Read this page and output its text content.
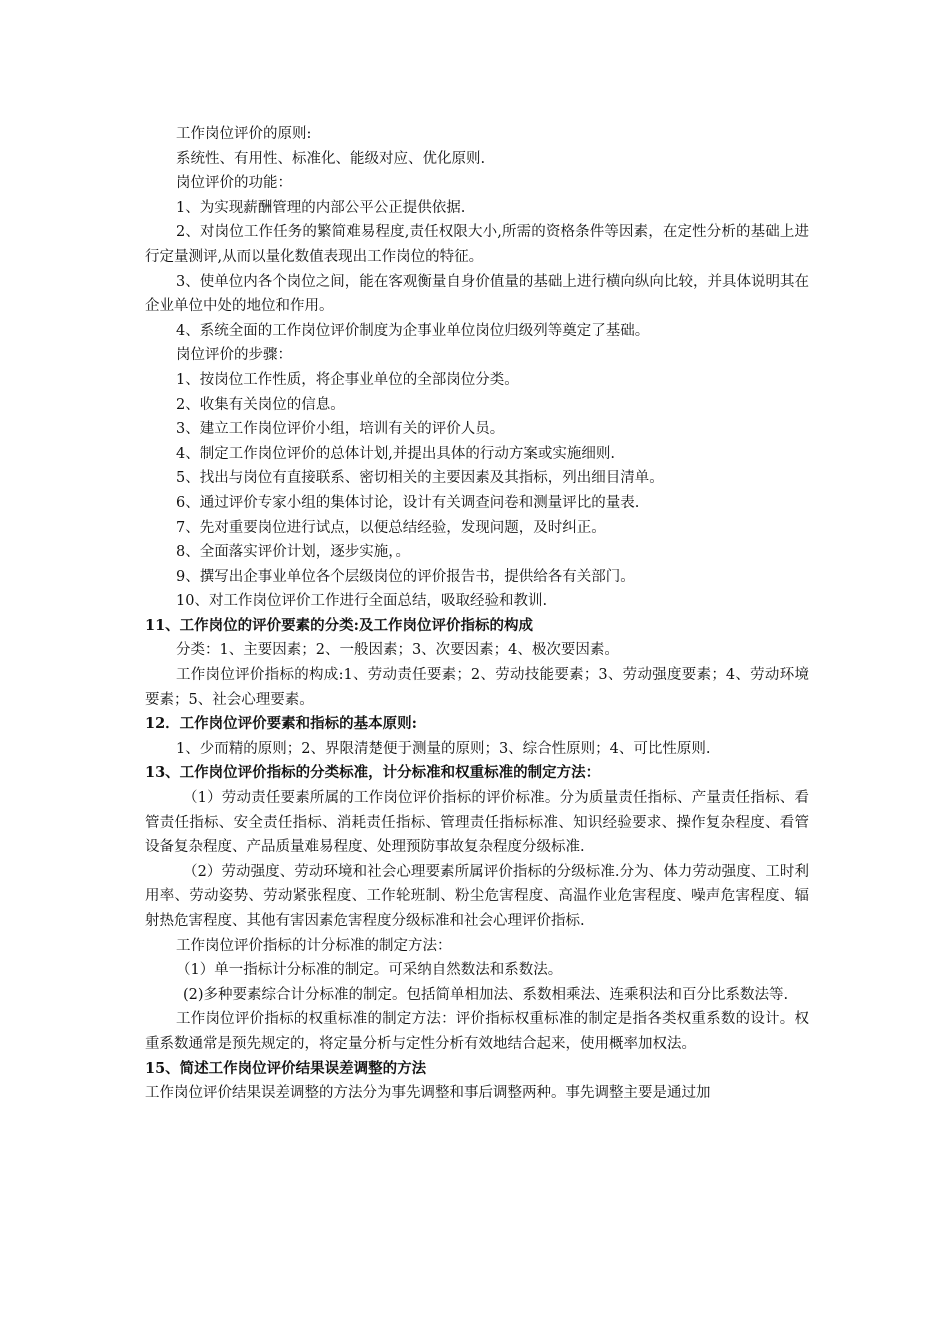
工作岗位评价的原则:

系统性、有用性、标准化、能级对应、优化原则.

岗位评价的功能：

1、为实现薪酬管理的内部公平公正提供依据.

2、对岗位工作任务的繁简难易程度,责任权限大小,所需的资格条件等因素，在定性分析的基础上进行定量测评,从而以量化数值表现出工作岗位的特征。

3、使单位内各个岗位之间，能在客观衡量自身价值量的基础上进行横向纵向比较，并具体说明其在企业单位中处的地位和作用。

4、系统全面的工作岗位评价制度为企事业单位岗位归级列等奠定了基础。

岗位评价的步骤：

1、按岗位工作性质，将企事业单位的全部岗位分类。

2、收集有关岗位的信息。

3、建立工作岗位评价小组，培训有关的评价人员。

4、制定工作岗位评价的总体计划,并提出具体的行动方案或实施细则.

5、找出与岗位有直接联系、密切相关的主要因素及其指标，列出细目清单。

6、通过评价专家小组的集体讨论，设计有关调查问卷和测量评比的量表.

7、先对重要岗位进行试点，以便总结经验，发现问题，及时纠正。

8、全面落实评价计划，逐步实施，。

9、撰写出企事业单位各个层级岗位的评价报告书，提供给各有关部门。

10、对工作岗位评价工作进行全面总结，吸取经验和教训.

11、工作岗位的评价要素的分类:及工作岗位评价指标的构成

分类：1、主要因素；2、一般因素；3、次要因素；4、极次要因素。

工作岗位评价指标的构成:1、劳动责任要素；2、劳动技能要素；3、劳动强度要素；4、劳动环境要素；5、社会心理要素。

12．工作岗位评价要素和指标的基本原则:

1、少而精的原则；2、界限清楚便于测量的原则；3、综合性原则；4、可比性原则.

13、工作岗位评价指标的分类标准，计分标准和权重标准的制定方法：

（1）劳动责任要素所属的工作岗位评价指标的评价标准。分为质量责任指标、产量责任指标、看管责任指标、安全责任指标、消耗责任指标、管理责任指标标准、知识经验要求、操作复杂程度、看管设备复杂程度、产品质量难易程度、处理预防事故复杂程度分级标准.

（2）劳动强度、劳动环境和社会心理要素所属评价指标的分级标准.分为、体力劳动强度、工时利用率、劳动姿势、劳动紧张程度、工作轮班制、粉尘危害程度、高温作业危害程度、噪声危害程度、辐射热危害程度、其他有害因素危害程度分级标准和社会心理评价指标.

工作岗位评价指标的计分标准的制定方法：

（1）单一指标计分标准的制定。可采纳自然数法和系数法。

(2)多种要素综合计分标准的制定。包括简单相加法、系数相乘法、连乘积法和百分比系数法等.

工作岗位评价指标的权重标准的制定方法：评价指标权重标准的制定是指各类权重系数的设计。权重系数通常是预先规定的，将定量分析与定性分析有效地结合起来，使用概率加权法。

15、简述工作岗位评价结果误差调整的方法

工作岗位评价结果误差调整的方法分为事先调整和事后调整两种。事先调整主要是通过加
